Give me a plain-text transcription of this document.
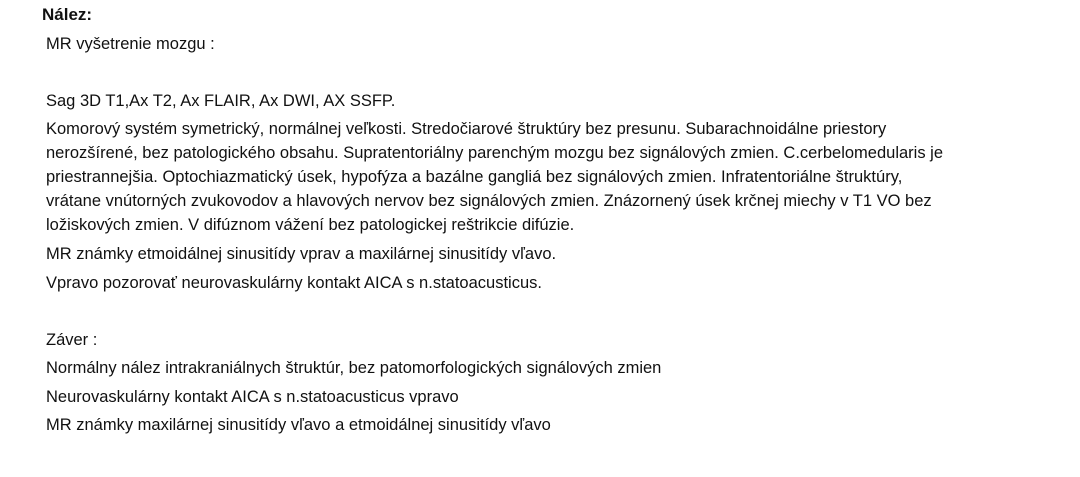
Nález:
MR vyšetrenie mozgu :
Sag 3D T1,Ax T2, Ax FLAIR, Ax DWI, AX SSFP.
Komorový systém symetrický, normálnej veľkosti. Stredočiarové štruktúry bez presunu. Subarachnoidálne priestory
nerozšírené, bez patologického obsahu. Supratentoriálny parenchým mozgu bez signálových zmien. C.cerbelomedularis je
priestrannejšia. Optochiazmatický úsek, hypofýza a bazálne gangliá bez signálových zmien. Infratentoriálne štruktúry,
vrátane vnútorných zvukovodov a hlavových nervov bez signálových zmien. Znázornený úsek krčnej miechy v T1 VO bez
ložiskových zmien. V difúznom vážení bez patologickej reštrikcie difúzie.
MR známky etmoidálnej sinusitídy vprav a maxilárnej sinusitídy vľavo.
Vpravo pozorovať neurovaskulárny kontakt AICA s n.statoacusticus.
Záver :
Normálny nález intrakraniálnych štruktúr, bez patomorfologických signálových zmien
Neurovaskulárny kontakt AICA s n.statoacusticus vpravo
MR známky maxilárnej sinusitídy vľavo a etmoidálnej sinusitídy vľavo
